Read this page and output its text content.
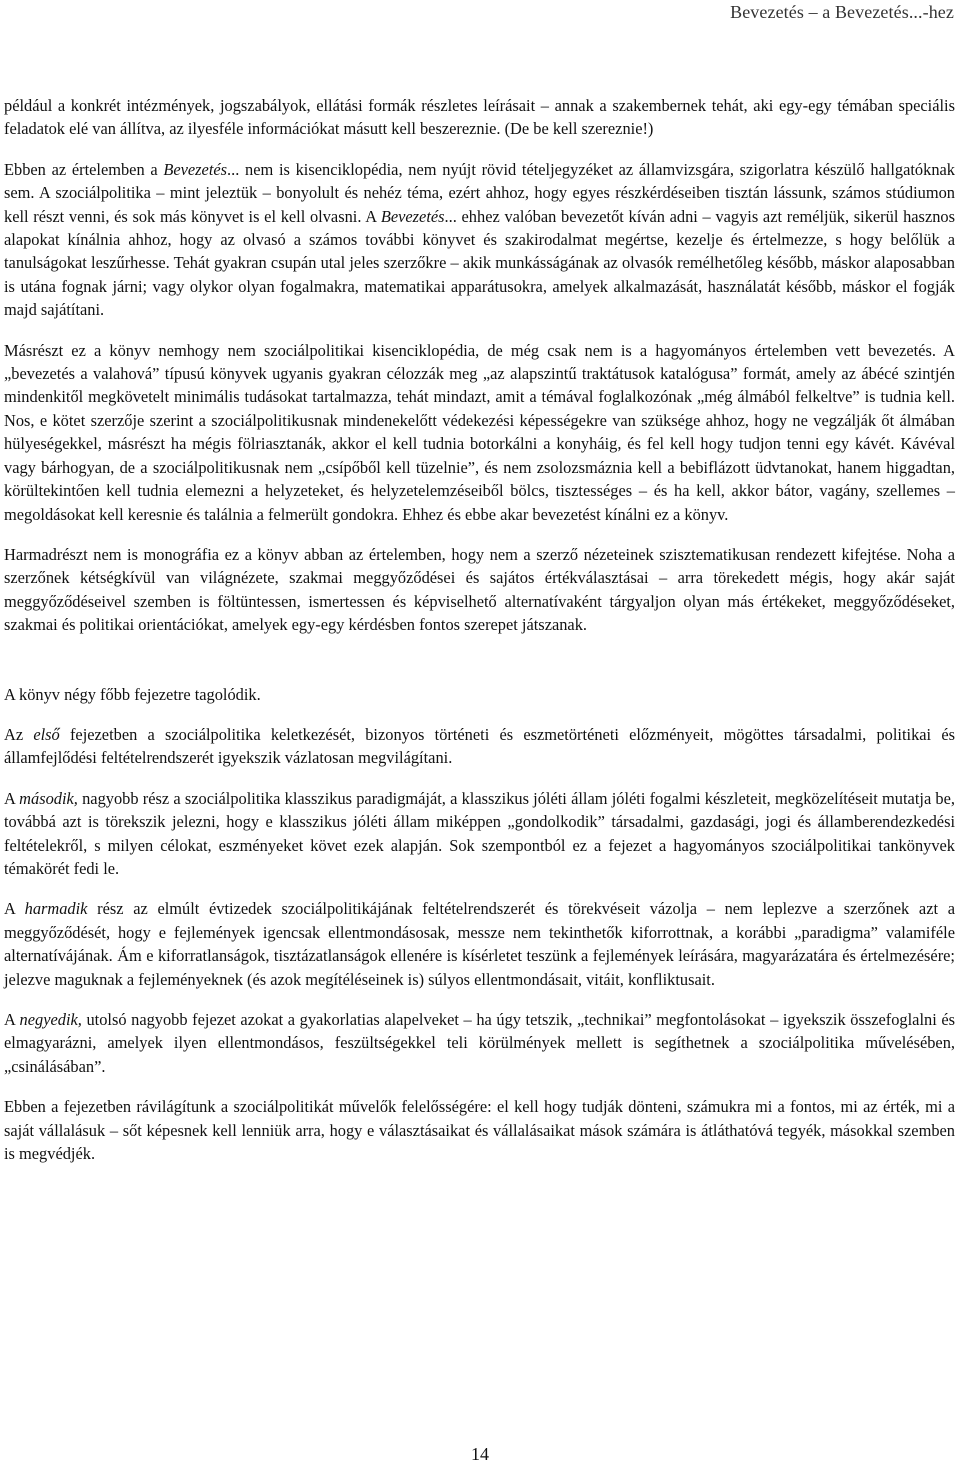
Bevezetés – a Bevezetés...-hez

például a konkrét intézmények, jogszabályok, ellátási formák részletes leírásait – annak a szakembernek tehát, aki egy-egy témában speciális feladatok elé van állítva, az ilyesféle információkat másutt kell beszereznie. (De be kell szereznie!)

Ebben az értelemben a Bevezetés... nem is kisenciklopédia, nem nyújt rövid tételjegyzéket az államvizsgára, szigorlatra készülő hallgatóknak sem. A szociálpolitika – mint jeleztük – bonyolult és nehéz téma, ezért ahhoz, hogy egyes részkérdéseiben tisztán lássunk, számos stúdiumon kell részt venni, és sok más könyvet is el kell olvasni. A Bevezetés... ehhez valóban bevezetőt kíván adni – vagyis azt reméljük, sikerül hasznos alapokat kínálnia ahhoz, hogy az olvasó a számos további könyvet és szakirodalmat megértse, kezelje és értelmezze, s hogy belőlük a tanulságokat leszűrhesse. Tehát gyakran csupán utal jeles szerzőkre – akik munkásságának az olvasók remélhetőleg később, máskor alaposabban is utána fognak járni; vagy olykor olyan fogalmakra, matematikai apparátusokra, amelyek alkalmazását, használatát később, máskor el fogják majd sajátítani.

Másrészt ez a könyv nemhogy nem szociálpolitikai kisenciklopédia, de még csak nem is a hagyományos értelemben vett bevezetés. A „bevezetés a valahová” típusú könyvek ugyanis gyakran célozzák meg „az alapszintű traktátusok katalógusa” formát, amely az ábécé szintjén mindenkitől megkövetelt minimális tudásokat tartalmazza, tehát mindazt, amit a témával foglalkozónak „még álmából felkeltve” is tudnia kell. Nos, e kötet szerzője szerint a szociálpolitikusnak mindenekelőtt védekezési képességekre van szüksége ahhoz, hogy ne vegzálják őt álmában hülyeségekkel, másrészt ha mégis fölriasztanák, akkor el kell tudnia botorkálni a konyháig, és fel kell hogy tudjon tenni egy kávét. Kávéval vagy bárhogyan, de a szociálpolitikusnak nem „csípőből kell tüzelnie”, és nem zsolozsmáznia kell a bebiflázott üdvtanokat, hanem higgadtan, körültekintően kell tudnia elemezni a helyzeteket, és helyzetelemzéseiből bölcs, tisztességes – és ha kell, akkor bátor, vagány, szellemes – megoldásokat kell keresnie és találnia a felmerült gondokra. Ehhez és ebbe akar bevezetést kínálni ez a könyv.

Harmadrészt nem is monográfia ez a könyv abban az értelemben, hogy nem a szerző nézeteinek szisztematikusan rendezett kifejtése. Noha a szerzőnek kétségkívül van világnézete, szakmai meggyőződései és sajátos értékválasztásai – arra törekedett mégis, hogy akár saját meggyőződéseivel szemben is föltüntessen, ismertessen és képviselhető alternatívaként tárgyaljon olyan más értékeket, meggyőződéseket, szakmai és politikai orientációkat, amelyek egy-egy kérdésben fontos szerepet játszanak.

A könyv négy főbb fejezetre tagolódik.

Az első fejezetben a szociálpolitika keletkezését, bizonyos történeti és eszmetörténeti előzményeit, mögöttes társadalmi, politikai és államfejlődési feltételrendszerét igyekszik vázlatosan megvilágítani.

A második, nagyobb rész a szociálpolitika klasszikus paradigmáját, a klasszikus jóléti állam jóléti fogalmi készleteit, megközelítéseit mutatja be, továbbá azt is törekszik jelezni, hogy e klasszikus jóléti állam miképpen „gondolkodik” társadalmi, gazdasági, jogi és államberendezkedési feltételekről, s milyen célokat, eszményeket követ ezek alapján. Sok szempontból ez a fejezet a hagyományos szociálpolitikai tankönyvek témakörét fedi le.

A harmadik rész az elmúlt évtizedek szociálpolitikájának feltételrendszerét és törekvéseit vázolja – nem leplezve a szerzőnek azt a meggyőződését, hogy e fejlemények igencsak ellentmondásosak, messze nem tekinthetők kiforrottnak, a korábbi „paradigma” valamiféle alternatívájának. Ám e kiforratlanságok, tisztázatlanságok ellenére is kísérletet teszünk a fejlemények leírására, magyarázatára és értelmezésére; jelezve maguknak a fejleményeknek (és azok megítéléseinek is) súlyos ellentmondásait, vitáit, konfliktusait.

A negyedik, utolsó nagyobb fejezet azokat a gyakorlatias alapelveket – ha úgy tetszik, „technikai” megfontolásokat – igyekszik összefoglalni és elmagyarázni, amelyek ilyen ellentmondásos, feszültségekkel teli körülmények mellett is segíthetnek a szociálpolitika művelésében, „csinálásában”.

Ebben a fejezetben rávilágítunk a szociálpolitikát művelők felelősségére: el kell hogy tudják dönteni, számukra mi a fontos, mi az érték, mi a saját vállalásuk – sőt képesnek kell lenniük arra, hogy e választásaikat és vállalásaikat mások számára is átláthatóvá tegyék, másokkal szemben is megvédjék.

14
